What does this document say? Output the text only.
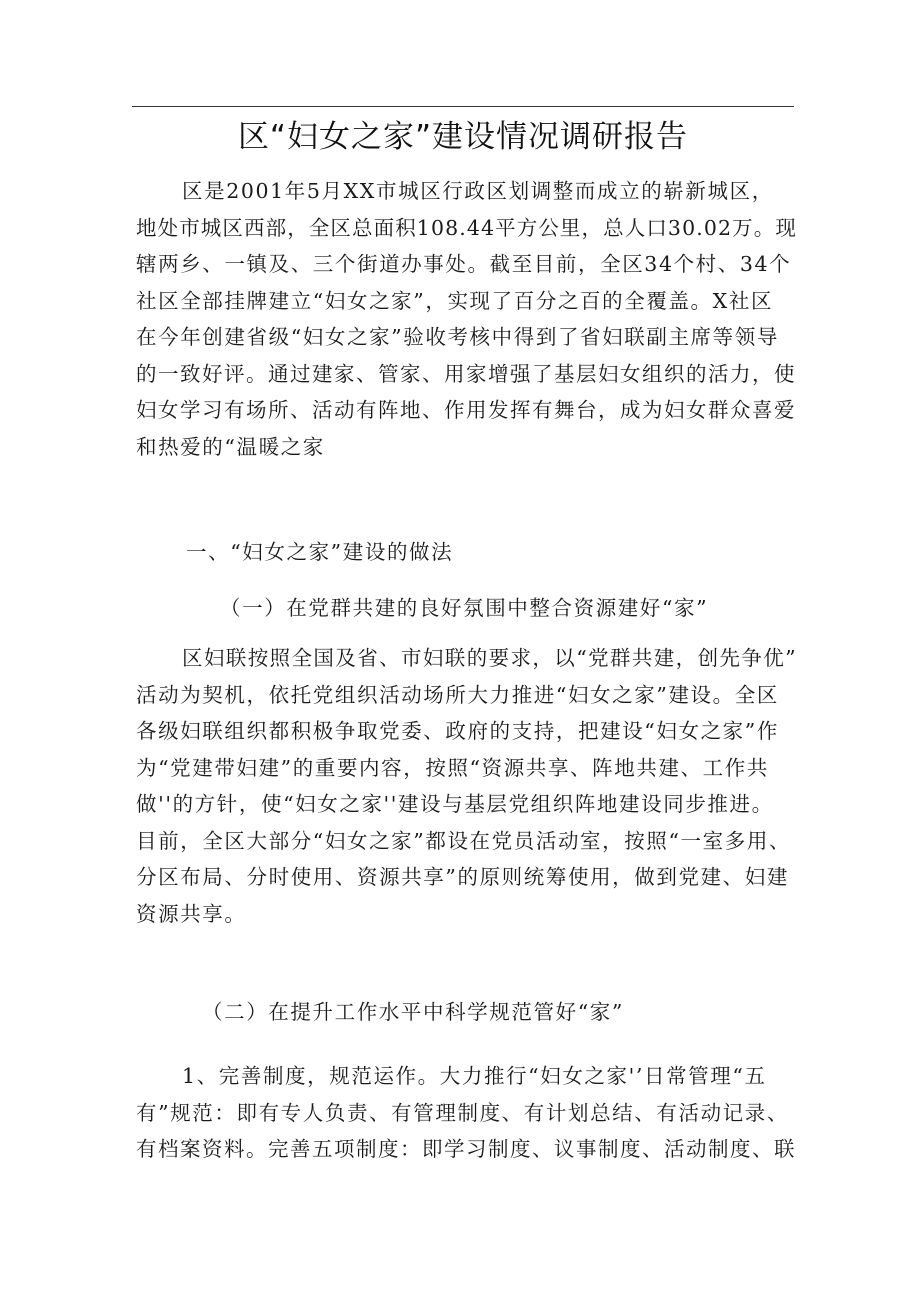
区“妇女之家”建设情况调研报告
区是2001年5月XX市城区行政区划调整而成立的崭新城区，
地处市城区西部，全区总面积108.44平方公里，总人口30.02万。现
辖两乡、一镇及、三个街道办事处。截至目前，全区34个村、34个
社区全部挂牌建立“妇女之家”，实现了百分之百的全覆盖。X社区
在今年创建省级“妇女之家”验收考核中得到了省妇联副主席等领导
的一致好评。通过建家、管家、用家增强了基层妇女组织的活力，使
妇女学习有场所、活动有阵地、作用发挥有舞台，成为妇女群众喜爱
和热爱的“温暖之家

一、“妇女之家”建设的做法

（一）在党群共建的良好氛围中整合资源建好“家”

区妇联按照全国及省、市妇联的要求，以“党群共建，创先争优”
活动为契机，依托党组织活动场所大力推进“妇女之家”建设。全区
各级妇联组织都积极争取党委、政府的支持，把建设“妇女之家”作
为“党建带妇建”的重要内容，按照“资源共享、阵地共建、工作共
做''的方针，使“妇女之家''建设与基层党组织阵地建设同步推进。
目前，全区大部分“妇女之家”都设在党员活动室，按照“一室多用、
分区布局、分时使用、资源共享”的原则统筹使用，做到党建、妇建
资源共享。

（二）在提升工作水平中科学规范管好“家”

1、完善制度，规范运作。大力推行“妇女之家'’日常管理“五
有”规范：即有专人负责、有管理制度、有计划总结、有活动记录、
有档案资料。完善五项制度：即学习制度、议事制度、活动制度、联
